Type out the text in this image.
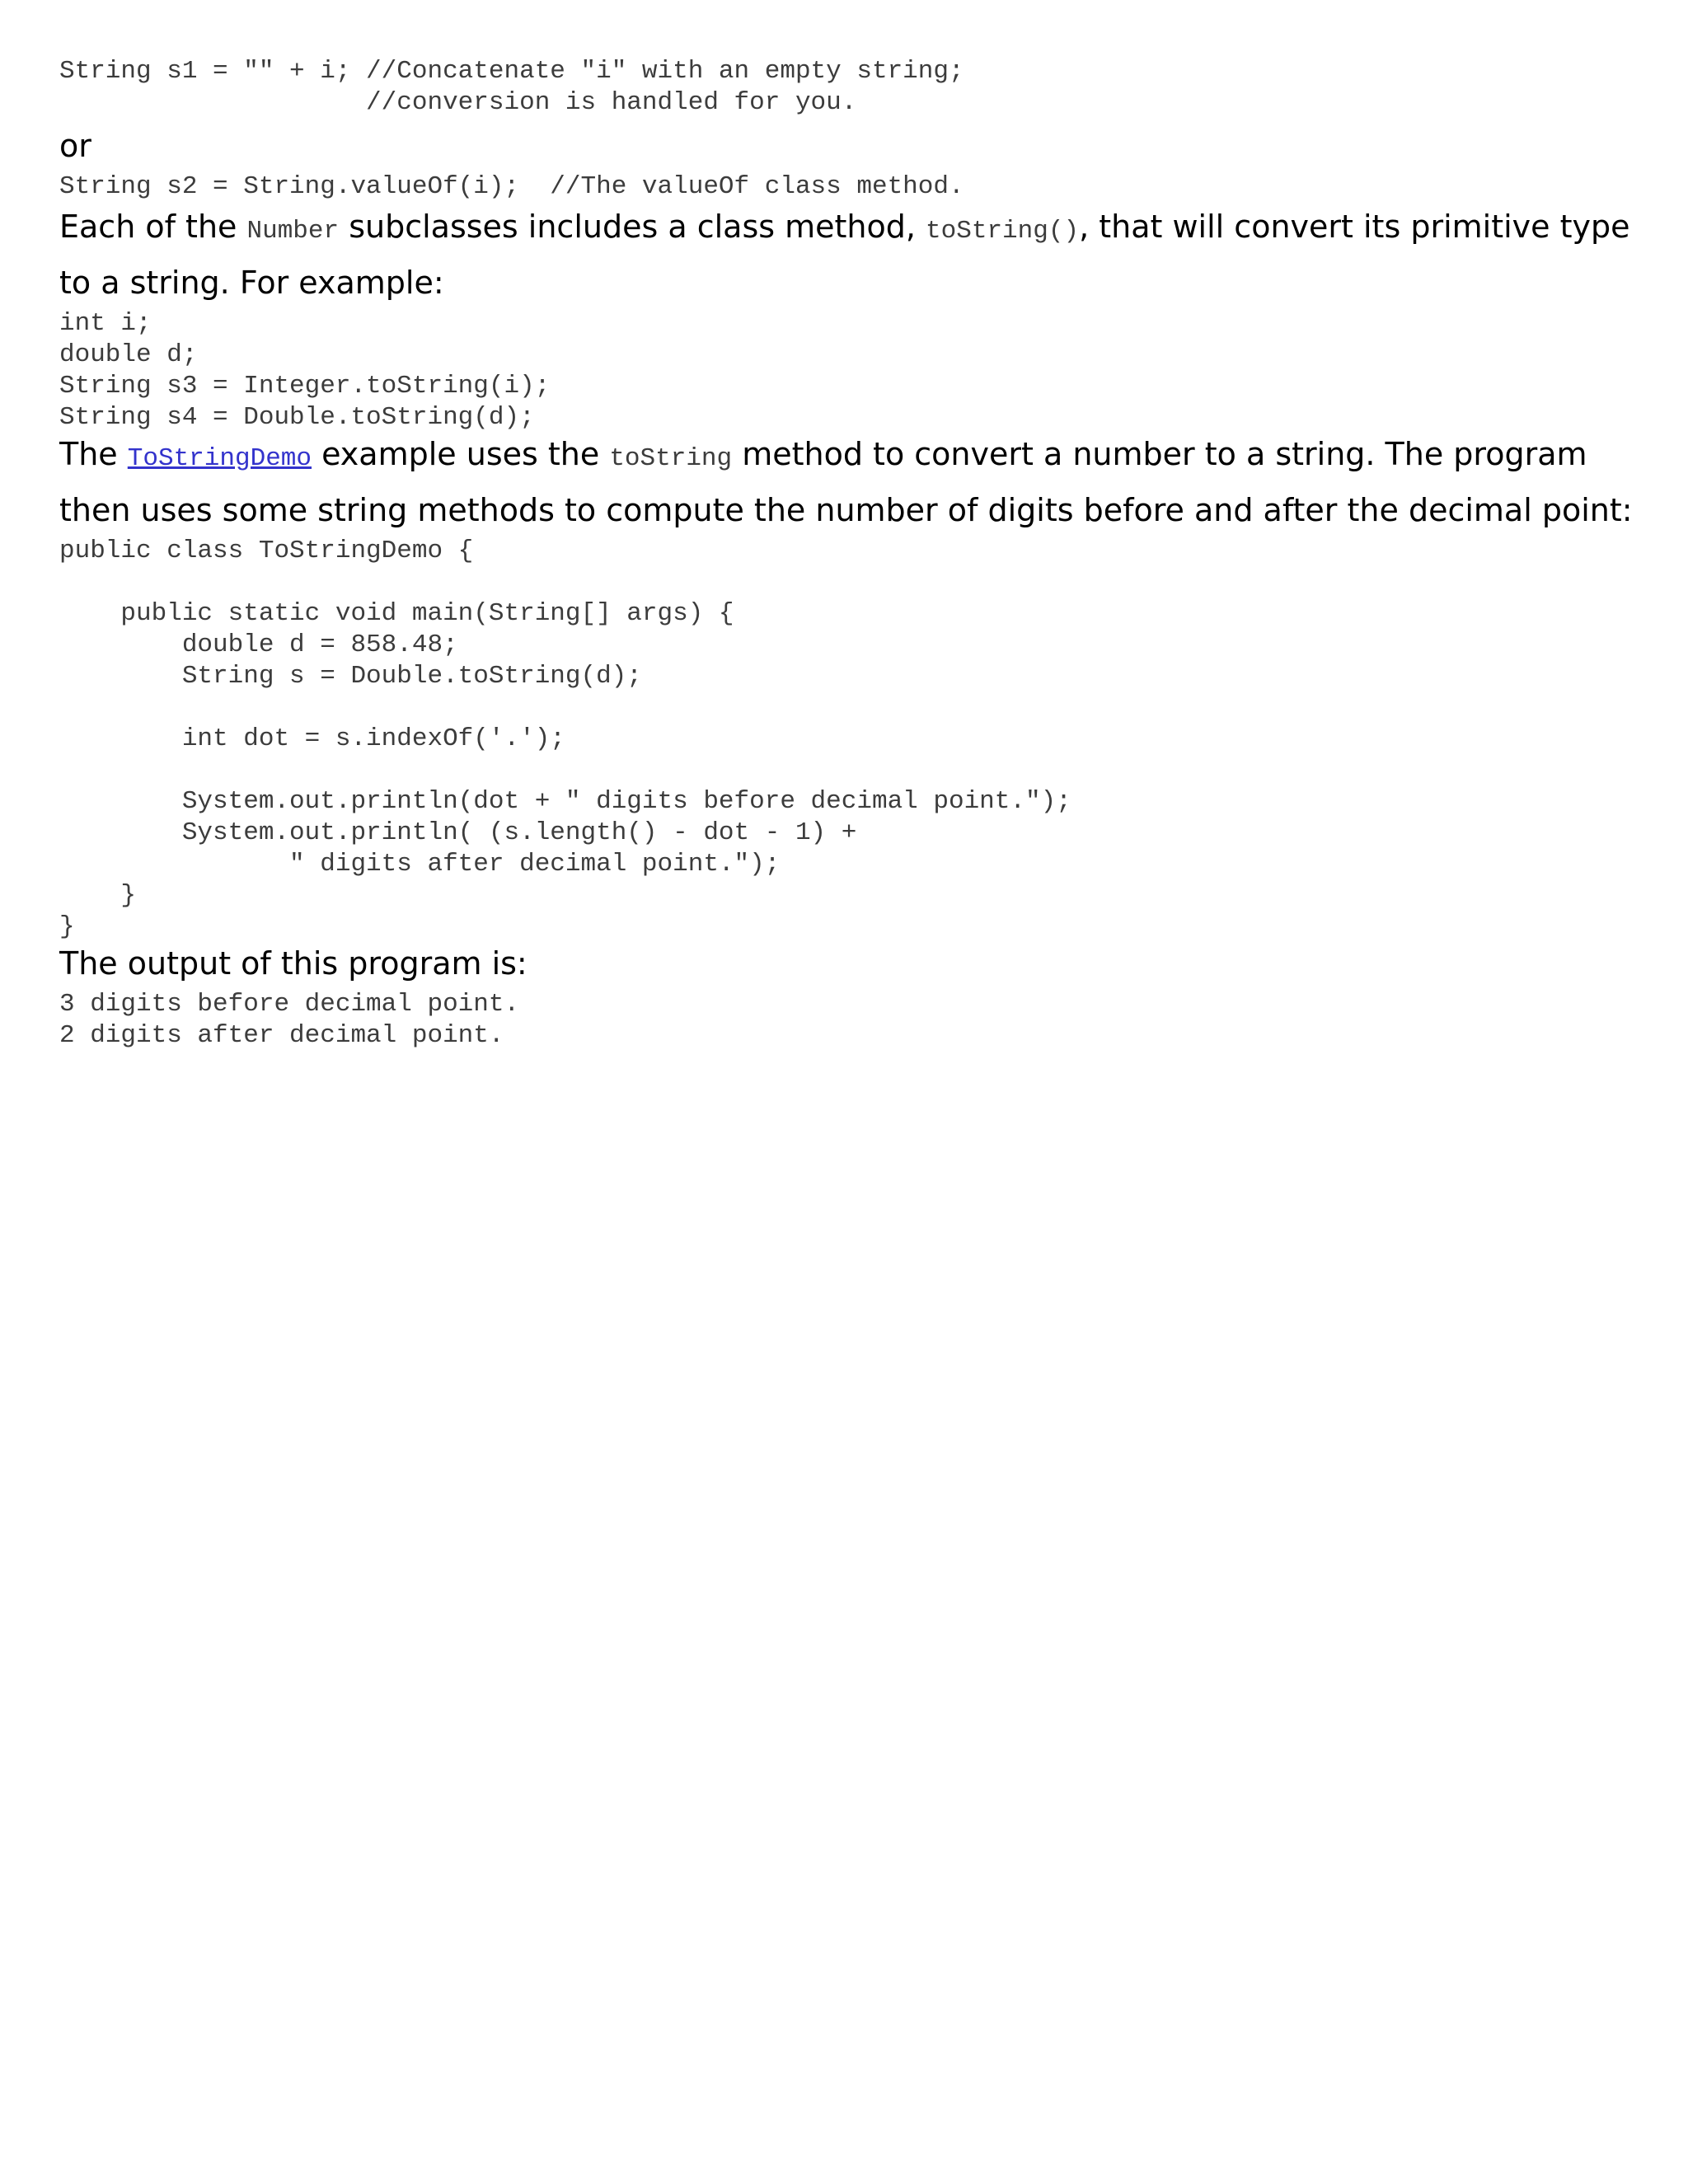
String s1 = "" + i; //Concatenate "i" with an empty string;
//conversion is handled for you.

or

String s2 = String.valueOf(i);  //The valueOf class method.

Each of the Number subclasses includes a class method, toString(), that will convert its primitive type to a string. For example:

int i;
double d;
String s3 = Integer.toString(i);
String s4 = Double.toString(d);

The ToStringDemo example uses the toString method to convert a number to a string. The program then uses some string methods to compute the number of digits before and after the decimal point:

public class ToStringDemo {

public static void main(String[] args) {
double d = 858.48;
String s = Double.toString(d);

int dot = s.indexOf('.');

System.out.println(dot + " digits before decimal point.");
System.out.println( (s.length() - dot - 1) +
" digits after decimal point.");
}
}

The output of this program is:

3 digits before decimal point.
2 digits after decimal point.
